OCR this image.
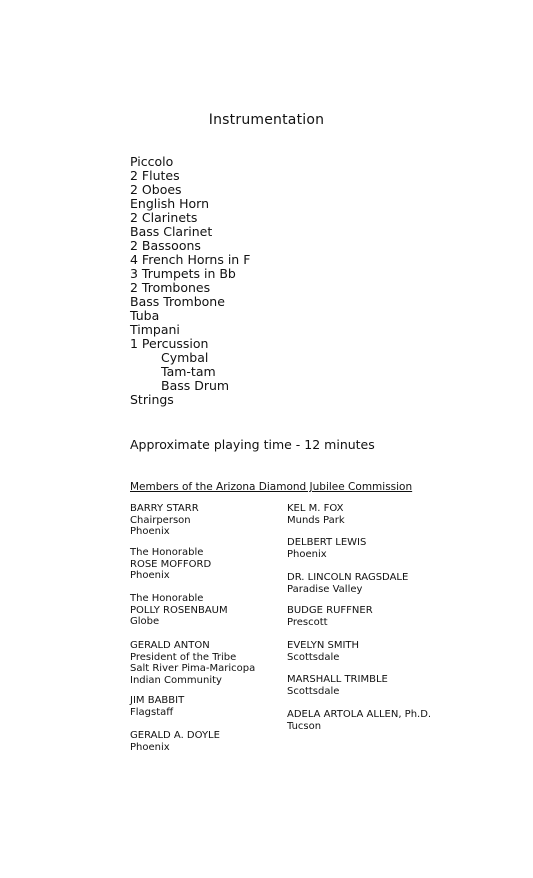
Instrumentation
Piccolo
2 Flutes
2 Oboes
English Horn
2 Clarinets
Bass Clarinet
2 Bassoons
4 French Horns in F
3 Trumpets in Bb
2 Trombones
Bass Trombone
Tuba
Timpani
1 Percussion
Cymbal
Tam-tam
Bass Drum
Strings

Approximate playing time - 12 minutes

Members of the Arizona Diamond Jubilee Commission

BARRY STARR
Chairperson
Phoenix
The Honorable
ROSE MOFFORD
Phoenix
The Honorable
POLLY ROSENBAUM
Globe
GERALD ANTON
President of the Tribe
Salt River Pima-Maricopa
Indian Community
JIM BABBIT
Flagstaff
GERALD A. DOYLE
Phoenix
KEL M. FOX
Munds Park
DELBERT LEWIS
Phoenix
DR. LINCOLN RAGSDALE
Paradise Valley
BUDGE RUFFNER
Prescott
EVELYN SMITH
Scottsdale
MARSHALL TRIMBLE
Scottsdale
ADELA ARTOLA ALLEN, Ph.D.
Tucson
